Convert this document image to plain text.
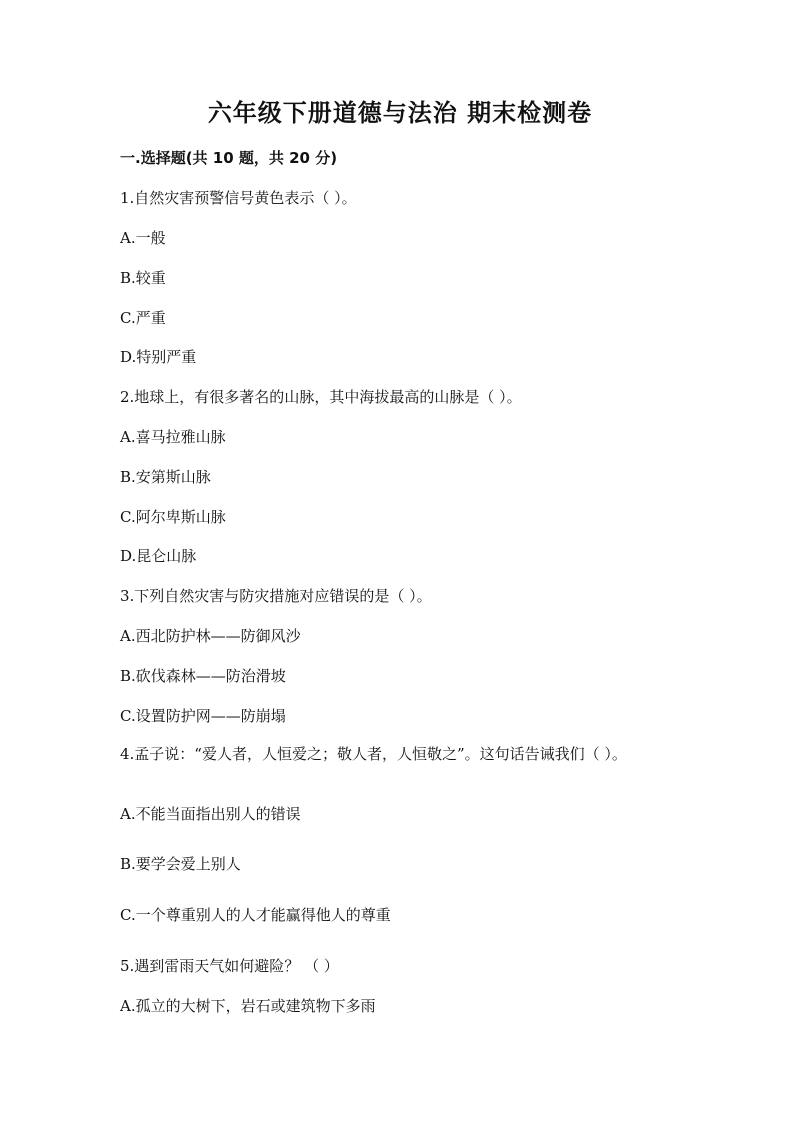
六年级下册道德与法治 期末检测卷
一.选择题(共 10 题，共 20 分)
1.自然灾害预警信号黄色表示（ ）。
A.一般
B.较重
C.严重
D.特别严重
2.地球上，有很多著名的山脉，其中海拔最高的山脉是（ ）。
A.喜马拉雅山脉
B.安第斯山脉
C.阿尔卑斯山脉
D.昆仑山脉
3.下列自然灾害与防灾措施对应错误的是（ ）。
A.西北防护林——防御风沙
B.砍伐森林——防治滑坡
C.设置防护网——防崩塌
4.孟子说：“爱人者，人恒爱之；敬人者，人恒敬之”。这句话告诫我们（ ）。
A.不能当面指出别人的错误
B.要学会爱上别人
C.一个尊重别人的人才能赢得他人的尊重
5.遇到雷雨天气如何避险？ （ ）
A.孤立的大树下，岩石或建筑物下多雨
